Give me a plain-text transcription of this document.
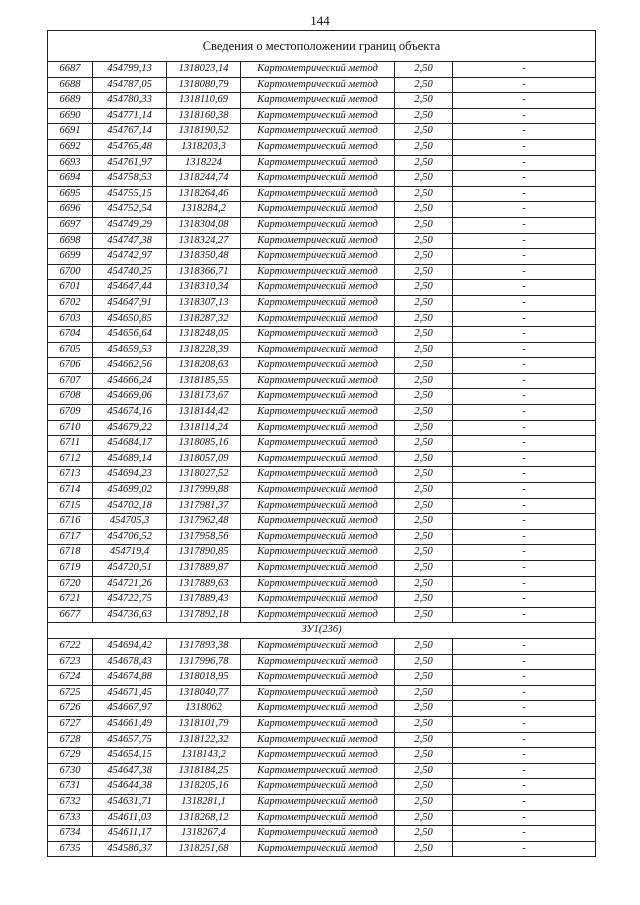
144
Сведения о местоположении границ объекта					
6687	454799,13	1318023,14	Картометрический метод	2,50	-
6688	454787,05	1318080,79	Картометрический метод	2,50	-
6689	454780,33	1318110,69	Картометрический метод	2,50	-
6690	454771,14	1318160,38	Картометрический метод	2,50	-
6691	454767,14	1318190,52	Картометрический метод	2,50	-
6692	454765,48	1318203,3	Картометрический метод	2,50	-
6693	454761,97	1318224	Картометрический метод	2,50	-
6694	454758,53	1318244,74	Картометрический метод	2,50	-
6695	454755,15	1318264,46	Картометрический метод	2,50	-
6696	454752,54	1318284,2	Картометрический метод	2,50	-
6697	454749,29	1318304,08	Картометрический метод	2,50	-
6698	454747,38	1318324,27	Картометрический метод	2,50	-
6699	454742,97	1318350,48	Картометрический метод	2,50	-
6700	454740,25	1318366,71	Картометрический метод	2,50	-
6701	454647,44	1318310,34	Картометрический метод	2,50	-
6702	454647,91	1318307,13	Картометрический метод	2,50	-
6703	454650,85	1318287,32	Картометрический метод	2,50	-
6704	454656,64	1318248,05	Картометрический метод	2,50	-
6705	454659,53	1318228,39	Картометрический метод	2,50	-
6706	454662,56	1318208,63	Картометрический метод	2,50	-
6707	454666,24	1318185,55	Картометрический метод	2,50	-
6708	454669,06	1318173,67	Картометрический метод	2,50	-
6709	454674,16	1318144,42	Картометрический метод	2,50	-
6710	454679,22	1318114,24	Картометрический метод	2,50	-
6711	454684,17	1318085,16	Картометрический метод	2,50	-
6712	454689,14	1318057,09	Картометрический метод	2,50	-
6713	454694,23	1318027,52	Картометрический метод	2,50	-
6714	454699,02	1317999,88	Картометрический метод	2,50	-
6715	454702,18	1317981,37	Картометрический метод	2,50	-
6716	454705,3	1317962,48	Картометрический метод	2,50	-
6717	454706,52	1317958,56	Картометрический метод	2,50	-
6718	454719,4	1317890,85	Картометрический метод	2,50	-
6719	454720,51	1317889,87	Картометрический метод	2,50	-
6720	454721,26	1317889,63	Картометрический метод	2,50	-
6721	454722,75	1317889,43	Картометрический метод	2,50	-
6677	454736,63	1317892,18	Картометрический метод	2,50	-
ЗУ1(236)					
6722	454694,42	1317893,38	Картометрический метод	2,50	-
6723	454678,43	1317996,78	Картометрический метод	2,50	-
6724	454674,88	1318018,95	Картометрический метод	2,50	-
6725	454671,45	1318040,77	Картометрический метод	2,50	-
6726	454667,97	1318062	Картометрический метод	2,50	-
6727	454661,49	1318101,79	Картометрический метод	2,50	-
6728	454657,75	1318122,32	Картометрический метод	2,50	-
6729	454654,15	1318143,2	Картометрический метод	2,50	-
6730	454647,38	1318184,25	Картометрический метод	2,50	-
6731	454644,38	1318205,16	Картометрический метод	2,50	-
6732	454631,71	1318281,1	Картометрический метод	2,50	-
6733	454611,03	1318268,12	Картометрический метод	2,50	-
6734	454611,17	1318267,4	Картометрический метод	2,50	-
6735	454586,37	1318251,68	Картометрический метод	2,50	-
